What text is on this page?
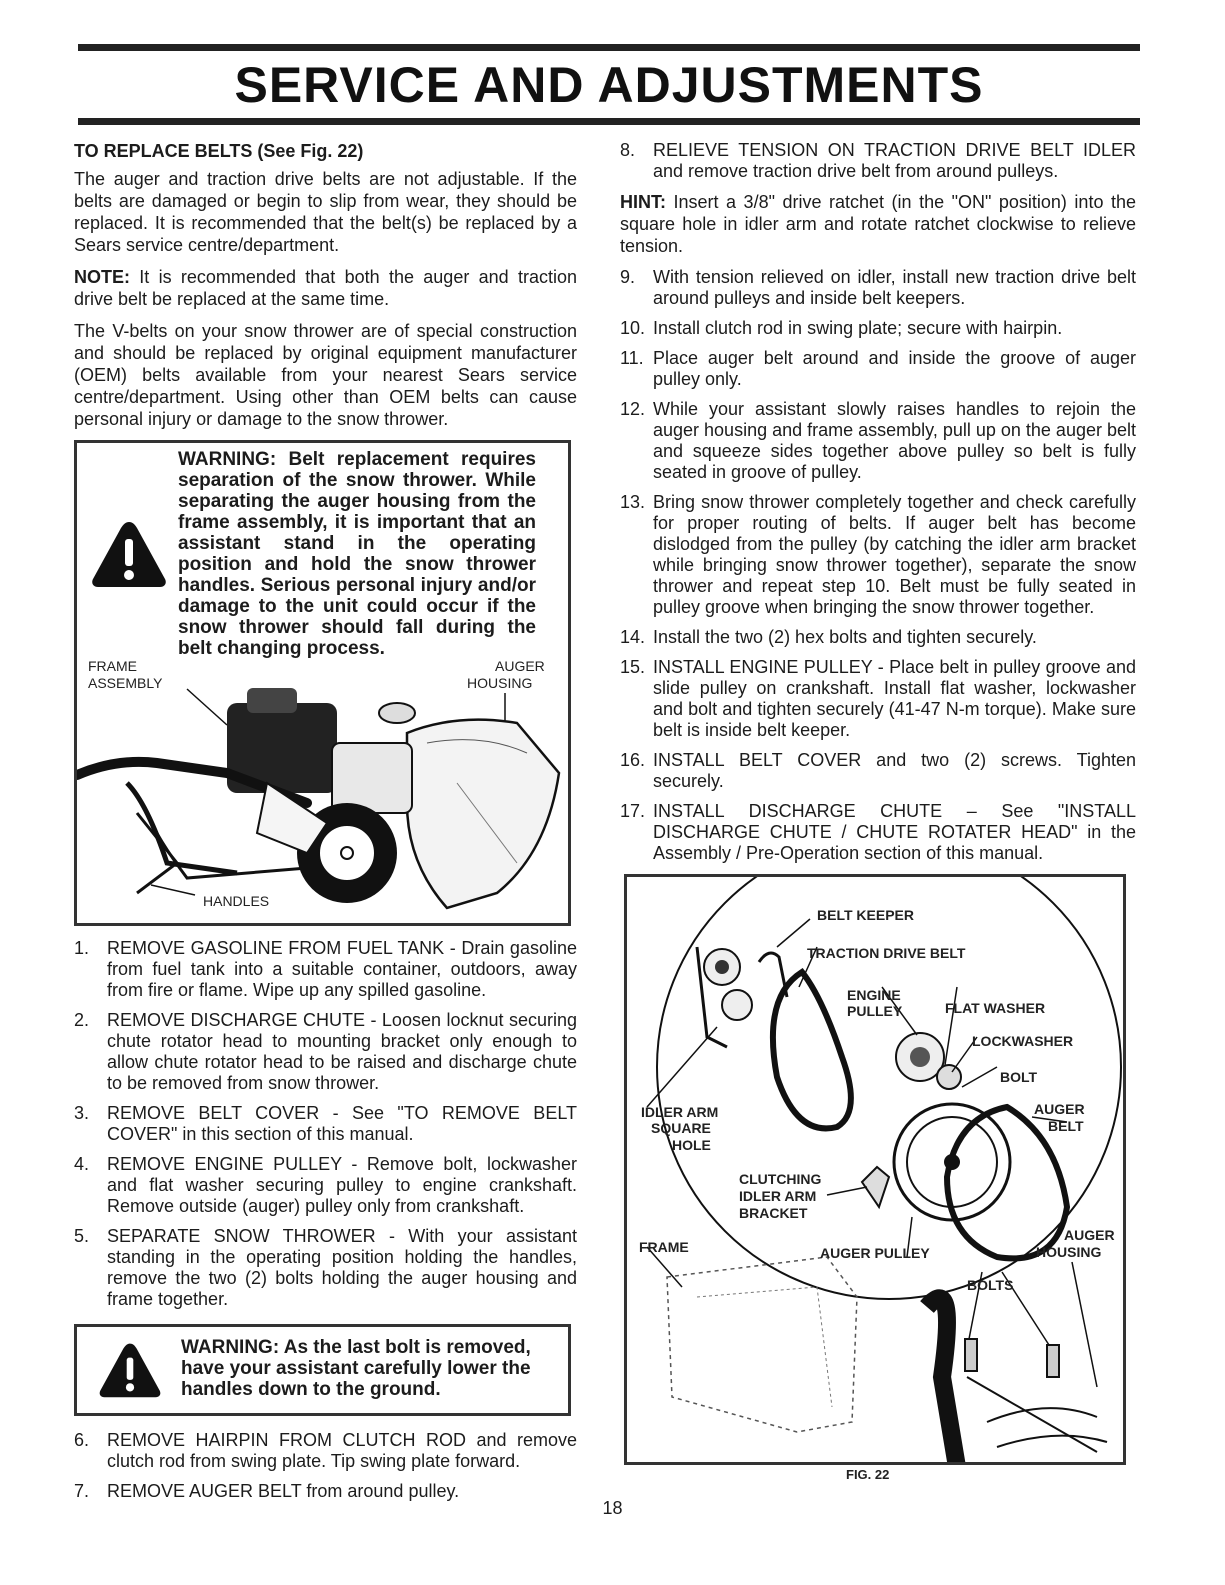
SERVICE AND ADJUSTMENTS
TO REPLACE BELTS (See Fig. 22)

The auger and traction drive belts are not adjustable. If the belts are damaged or begin to slip from wear, they should be replaced. It is recommended that the belt(s) be replaced by a Sears service centre/department.

NOTE: It is recommended that both the auger and traction drive belt be replaced at the same time.

The V-belts on your snow thrower are of special construction and should be replaced by original equipment manufacturer (OEM) belts available from your nearest Sears service centre/department. Using other than OEM belts can cause personal injury or damage to the snow thrower.

WARNING: Belt replacement requires separation of the snow thrower. While separating the auger housing from the frame assembly, it is important that an assistant stand in the operating position and hold the snow thrower handles. Serious personal injury and/or damage to the unit could occur if the snow thrower should fall during the belt changing process.
FRAME
ASSEMBLY
AUGER
HOUSING
HANDLES
1. REMOVE GASOLINE FROM FUEL TANK - Drain gasoline from fuel tank into a suitable container, outdoors, away from fire or flame. Wipe up any spilled gasoline.
2. REMOVE DISCHARGE CHUTE - Loosen locknut securing chute rotator head to mounting bracket only enough to allow chute rotator head to be raised and discharge chute to be removed from snow thrower.
3. REMOVE BELT COVER - See "TO REMOVE BELT COVER" in this section of this manual.
4. REMOVE ENGINE PULLEY - Remove bolt, lockwasher and flat washer securing pulley to engine crankshaft. Remove outside (auger) pulley only from crankshaft.
5. SEPARATE SNOW THROWER - With your assistant standing in the operating position holding the handles, remove the two (2) bolts holding the auger housing and frame together.
WARNING: As the last bolt is removed, have your assistant carefully lower the handles down to the ground.
6. REMOVE HAIRPIN FROM CLUTCH ROD and remove clutch rod from swing plate. Tip swing plate forward.
7. REMOVE AUGER BELT from around pulley.
8. RELIEVE TENSION ON TRACTION DRIVE BELT IDLER and remove traction drive belt from around pulleys.

HINT: Insert a 3/8" drive ratchet (in the "ON" position) into the square hole in idler arm and rotate ratchet clockwise to relieve tension.

9. With tension relieved on idler, install new traction drive belt around pulleys and inside belt keepers.
10. Install clutch rod in swing plate; secure with hairpin.
11. Place auger belt around and inside the groove of auger pulley only.
12. While your assistant slowly raises handles to rejoin the auger housing and frame assembly, pull up on the auger belt and squeeze sides together above pulley so belt is fully seated in groove of pulley.
13. Bring snow thrower completely together and check carefully for proper routing of belts. If auger belt has become dislodged from the pulley (by catching the idler arm bracket while bringing snow thrower together), separate the snow thrower and repeat step 10. Belt must be fully seated in pulley groove when bringing the snow thrower together.
14. Install the two (2) hex bolts and tighten securely.
15. INSTALL ENGINE PULLEY - Place belt in pulley groove and slide pulley on crankshaft. Install flat washer, lockwasher and bolt and tighten securely (41-47 N-m torque). Make sure belt is inside belt keeper.
16. INSTALL BELT COVER and two (2) screws. Tighten securely.
17. INSTALL DISCHARGE CHUTE – See "INSTALL DISCHARGE CHUTE / CHUTE ROTATER HEAD" in the Assembly / Pre-Operation section of this manual.
BELT KEEPER
TRACTION DRIVE BELT
ENGINE
PULLEY	FLAT WASHER
LOCKWASHER
BOLT
IDLER ARM
SQUARE
HOLE
AUGER
BELT
CLUTCHING
IDLER ARM
BRACKET
FRAME	AUGER PULLEY
AUGER
HOUSING
BOLTS
FIG. 22
18
